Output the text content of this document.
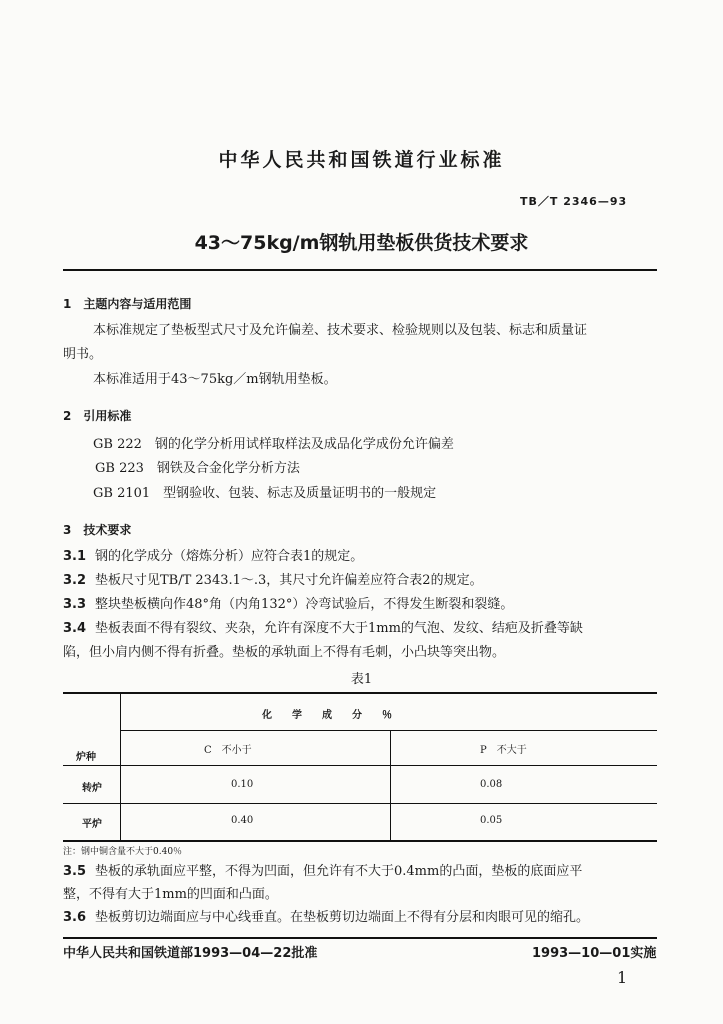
中华人民共和国铁道行业标准
TB／T 2346—93
43～75kg/m钢轨用垫板供货技术要求
1　主题内容与适用范围
本标准规定了垫板型式尺寸及允许偏差、技术要求、检验规则以及包装、标志和质量证
明书。
本标准适用于43～75kg／m钢轨用垫板。
2　引用标准
GB 222　钢的化学分析用试样取样法及成品化学成份允许偏差
GB 223　钢铁及合金化学分析方法
GB 2101　型钢验收、包装、标志及质量证明书的一般规定
3　技术要求
3.1 钢的化学成分（熔炼分析）应符合表1的规定。
3.2 垫板尺寸见TB/T 2343.1～.3，其尺寸允许偏差应符合表2的规定。
3.3 整块垫板横向作48°角（内角132°）冷弯试验后，不得发生断裂和裂缝。
3.4 垫板表面不得有裂纹、夹杂，允许有深度不大于1mm的气泡、发纹、结疤及折叠等缺
陷，但小肩内侧不得有折叠。垫板的承轨面上不得有毛刺，小凸块等突出物。
表1
炉种
化　　学　　成　　分　　％
C　不小于	P　不大于
转炉	0.10	0.08
平炉	0.40	0.05
注：钢中铜含量不大于0.40％
3.5 垫板的承轨面应平整，不得为凹面，但允许有不大于0.4mm的凸面，垫板的底面应平
整，不得有大于1mm的凹面和凸面。
3.6 垫板剪切边端面应与中心线垂直。在垫板剪切边端面上不得有分层和肉眼可见的缩孔。
中华人民共和国铁道部1993—04—22批准	1993—10—01实施
1
